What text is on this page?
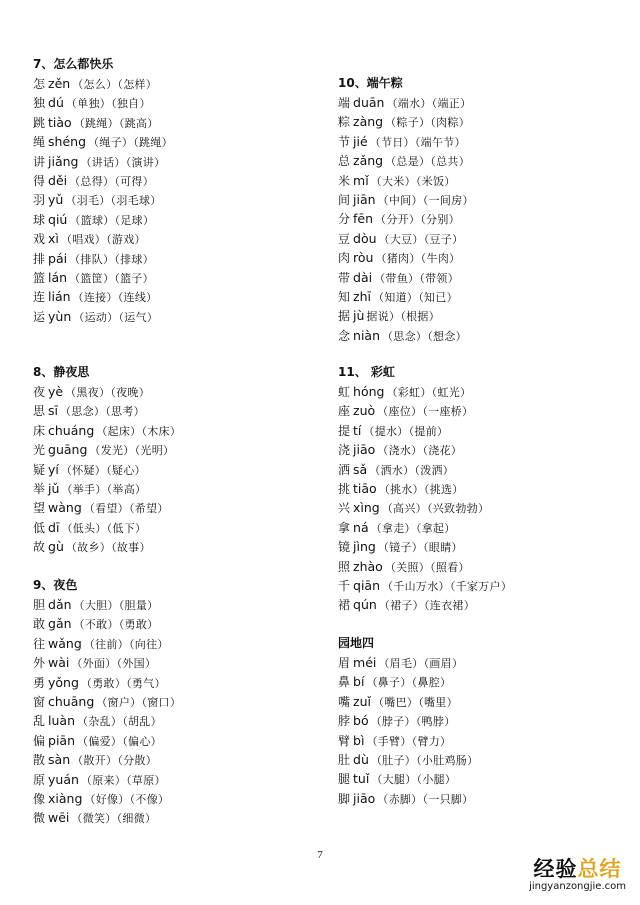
7、怎么都快乐
怎 zěn （怎么）（怎样）
独 dú （单独）（独自）
跳 tiào （跳绳）（跳高）
绳 shéng （绳子）（跳绳）
讲 jiǎng （讲话）（演讲）
得 děi （总得）（可得）
羽 yǔ （羽毛）（羽毛球）
球 qiú （篮球）（足球）
戏 xì （唱戏）（游戏）
排 pái （排队）（排球）
篮 lán （篮筐）（篮子）
连 lián （连接）（连线）
运 yùn （运动）（运气）
8、静夜思
夜 yè （黑夜）（夜晚）
思 sī （思念）（思考）
床 chuáng （起床）（木床）
光 guāng （发光）（光明）
疑 yí （怀疑）（疑心）
举 jǔ （举手）（举高）
望 wàng （看望）（希望）
低 dī （低头）（低下）
故 gù （故乡）（故事）
9、夜色
胆 dǎn （大胆）（胆量）
敢 gǎn （不敢）（勇敢）
往 wǎng （往前）（向往）
外 wài （外面）（外国）
勇 yǒng （勇敢）（勇气）
窗 chuāng （窗户）（窗口）
乱 luàn （杂乱）（胡乱）
偏 piān （偏爱）（偏心）
散 sàn （散开）（分散）
原 yuán （原来）（草原）
像 xiàng （好像）（不像）
微 wēi （微笑）（细微）
10、端午粽
端 duān （端水）（端正）
粽 zàng （粽子）（肉粽）
节 jié （节日）（端午节）
总 zǎng （总是）（总共）
米 mǐ （大米）（米饭）
间 jiān （中间）（一间房）
分 fēn （分开）（分别）
豆 dòu （大豆）（豆子）
肉 ròu （猪肉）（牛肉）
带 dài （带鱼）（带领）
知 zhī （知道）（知已）
据 jù 据说）（根据）
念 niàn （思念）（想念）
11、 彩虹
虹 hóng （彩虹）（虹光）
座 zuò （座位）（一座桥）
提 tí （提水）（提前）
浇 jiāo （浇水）（浇花）
洒 sǎ （洒水）（泼洒）
挑 tiāo （挑水）（挑选）
兴 xìng （高兴）（兴致勃勃）
拿 ná （拿走）（拿起）
镜 jìng （镜子）（眼睛）
照 zhào （关照）（照看）
千 qiān （千山万水）（千家万户）
裙 qún （裙子）（连衣裙）
园地四
眉 méi （眉毛）（画眉）
鼻 bí （鼻子）（鼻腔）
嘴 zuǐ （嘴巴）（嘴里）
脖 bó （脖子）（鸭脖）
臂 bì （手臂）（臂力）
肚 dù （肚子）（小肚鸡肠）
腿 tuǐ （大腿）（小腿）
脚 jiāo （赤脚）（一只脚）
7
经验总结
jingyanzongjie.com
